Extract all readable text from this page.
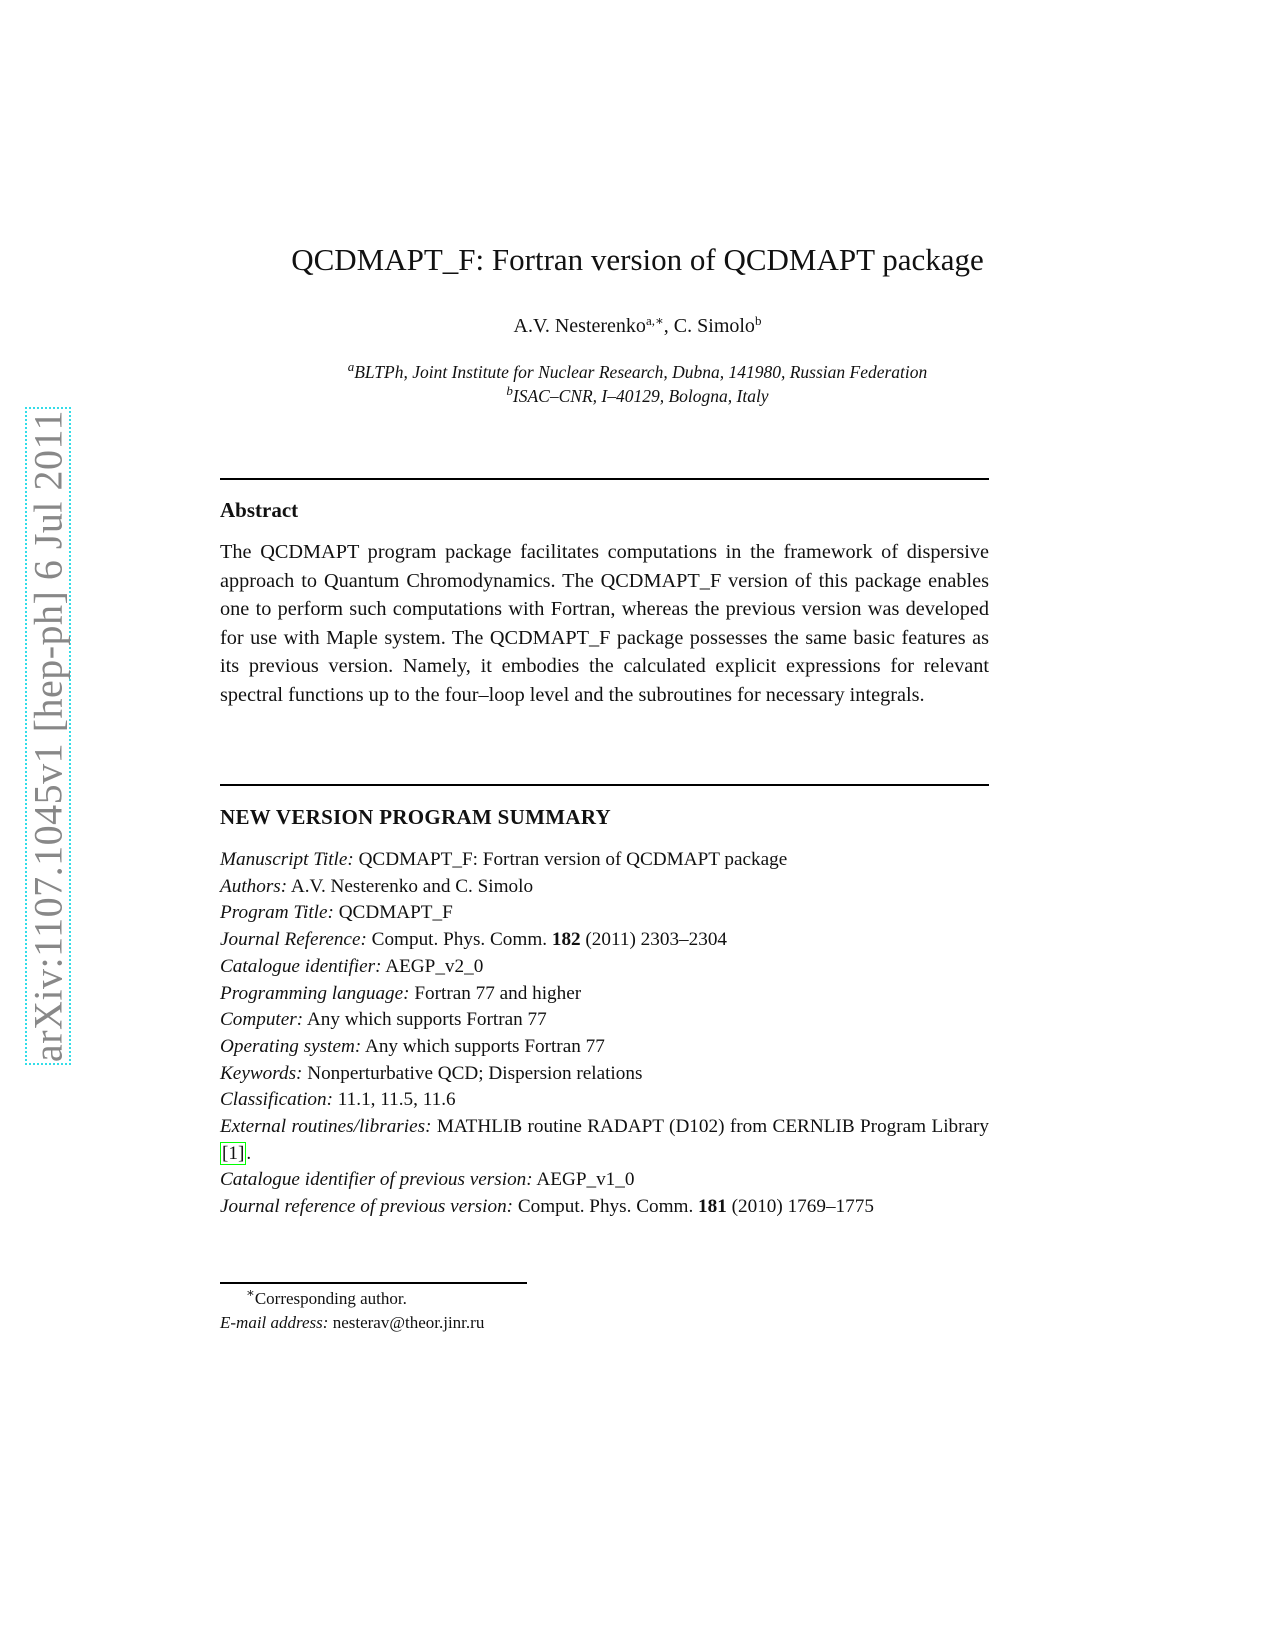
arXiv:1107.1045v1 [hep-ph] 6 Jul 2011
QCDMAPT_F: Fortran version of QCDMAPT package
A.V. Nesterenko$^{a,∗}$, C. Simolo$^b$
$^a$BLTPh, Joint Institute for Nuclear Research, Dubna, 141980, Russian Federation
$^b$ISAC–CNR, I–40129, Bologna, Italy
Abstract
The QCDMAPT program package facilitates computations in the framework of dispersive approach to Quantum Chromodynamics. The QCDMAPT_F version of this package enables one to perform such computations with Fortran, whereas the previous version was developed for use with Maple system. The QCDMAPT_F package possesses the same basic features as its previous version. Namely, it embodies the calculated explicit expressions for relevant spectral functions up to the four–loop level and the subroutines for necessary integrals.
NEW VERSION PROGRAM SUMMARY
Manuscript Title: QCDMAPT_F: Fortran version of QCDMAPT package
Authors: A.V. Nesterenko and C. Simolo
Program Title: QCDMAPT_F
Journal Reference: Comput. Phys. Comm. 182 (2011) 2303–2304
Catalogue identifier: AEGP_v2_0
Programming language: Fortran 77 and higher
Computer: Any which supports Fortran 77
Operating system: Any which supports Fortran 77
Keywords: Nonperturbative QCD; Dispersion relations
Classification: 11.1, 11.5, 11.6
External routines/libraries: MATHLIB routine RADAPT (D102) from CERNLIB Program Library [1] .
Catalogue identifier of previous version: AEGP_v1_0
Journal reference of previous version: Comput. Phys. Comm. 181 (2010) 1769–1775
∗Corresponding author.
E-mail address: nesterav@theor.jinr.ru
